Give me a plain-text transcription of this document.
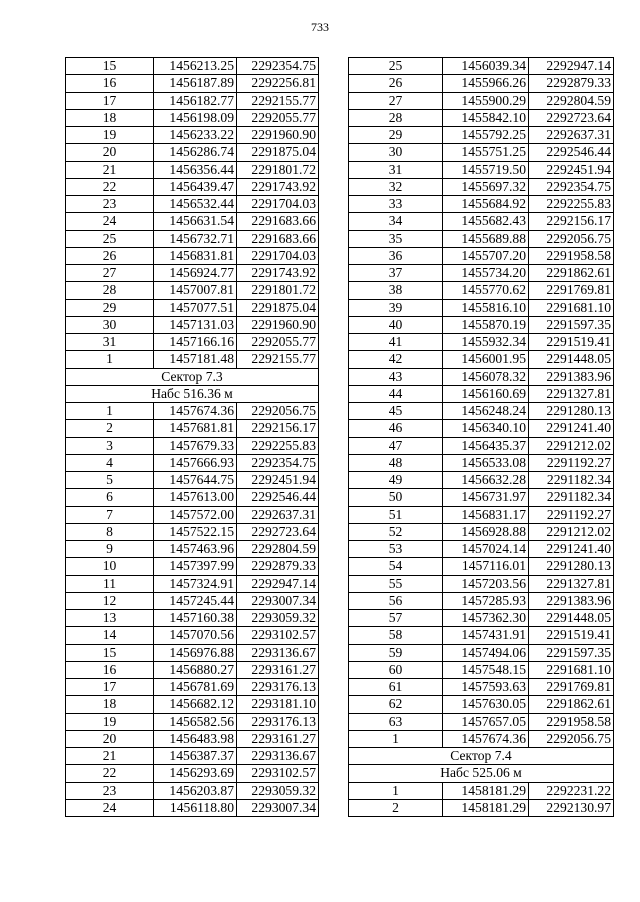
733
15	1456213.25	2292354.75
16	1456187.89	2292256.81
17	1456182.77	2292155.77
18	1456198.09	2292055.77
19	1456233.22	2291960.90
20	1456286.74	2291875.04
21	1456356.44	2291801.72
22	1456439.47	2291743.92
23	1456532.44	2291704.03
24	1456631.54	2291683.66
25	1456732.71	2291683.66
26	1456831.81	2291704.03
27	1456924.77	2291743.92
28	1457007.81	2291801.72
29	1457077.51	2291875.04
30	1457131.03	2291960.90
31	1457166.16	2292055.77
1	1457181.48	2292155.77
Сектор 7.3		
Набс 516.36 м		
1	1457674.36	2292056.75
2	1457681.81	2292156.17
3	1457679.33	2292255.83
4	1457666.93	2292354.75
5	1457644.75	2292451.94
6	1457613.00	2292546.44
7	1457572.00	2292637.31
8	1457522.15	2292723.64
9	1457463.96	2292804.59
10	1457397.99	2292879.33
11	1457324.91	2292947.14
12	1457245.44	2293007.34
13	1457160.38	2293059.32
14	1457070.56	2293102.57
15	1456976.88	2293136.67
16	1456880.27	2293161.27
17	1456781.69	2293176.13
18	1456682.12	2293181.10
19	1456582.56	2293176.13
20	1456483.98	2293161.27
21	1456387.37	2293136.67
22	1456293.69	2293102.57
23	1456203.87	2293059.32
24	1456118.80	2293007.34
25	1456039.34	2292947.14
26	1455966.26	2292879.33
27	1455900.29	2292804.59
28	1455842.10	2292723.64
29	1455792.25	2292637.31
30	1455751.25	2292546.44
31	1455719.50	2292451.94
32	1455697.32	2292354.75
33	1455684.92	2292255.83
34	1455682.43	2292156.17
35	1455689.88	2292056.75
36	1455707.20	2291958.58
37	1455734.20	2291862.61
38	1455770.62	2291769.81
39	1455816.10	2291681.10
40	1455870.19	2291597.35
41	1455932.34	2291519.41
42	1456001.95	2291448.05
43	1456078.32	2291383.96
44	1456160.69	2291327.81
45	1456248.24	2291280.13
46	1456340.10	2291241.40
47	1456435.37	2291212.02
48	1456533.08	2291192.27
49	1456632.28	2291182.34
50	1456731.97	2291182.34
51	1456831.17	2291192.27
52	1456928.88	2291212.02
53	1457024.14	2291241.40
54	1457116.01	2291280.13
55	1457203.56	2291327.81
56	1457285.93	2291383.96
57	1457362.30	2291448.05
58	1457431.91	2291519.41
59	1457494.06	2291597.35
60	1457548.15	2291681.10
61	1457593.63	2291769.81
62	1457630.05	2291862.61
63	1457657.05	2291958.58
1	1457674.36	2292056.75
Сектор 7.4		
Набс 525.06 м		
1	1458181.29	2292231.22
2	1458181.29	2292130.97
